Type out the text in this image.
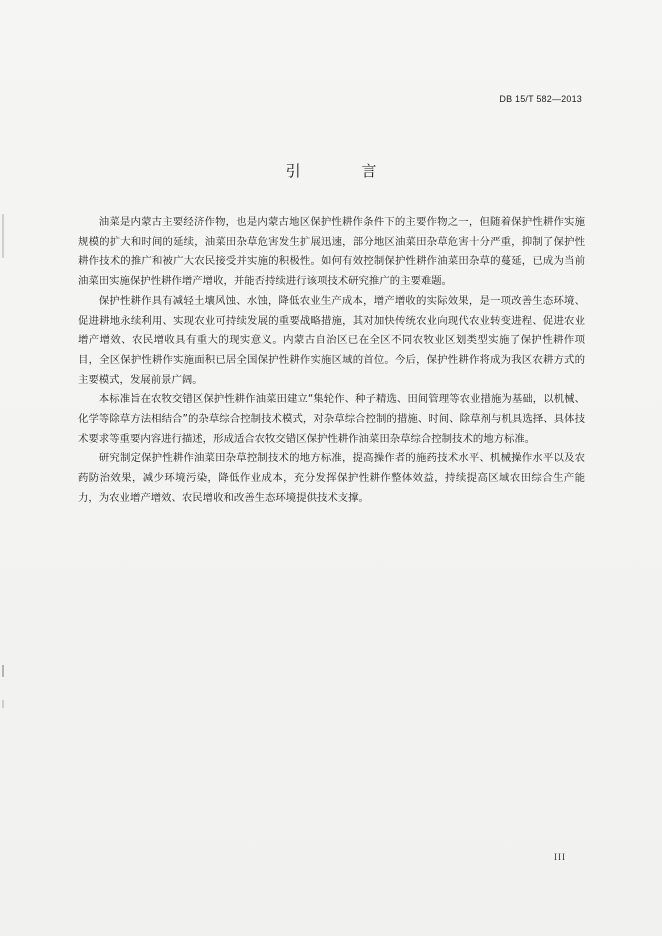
DB 15/T 582—2013
引 言

油菜是内蒙古主要经济作物，也是内蒙古地区保护性耕作条件下的主要作物之一，但随着保护性耕作实施规模的扩大和时间的延续，油菜田杂草危害发生扩展迅速，部分地区油菜田杂草危害十分严重，抑制了保护性耕作技术的推广和被广大农民接受并实施的积极性。如何有效控制保护性耕作油菜田杂草的蔓延，已成为当前油菜田实施保护性耕作增产增收，并能否持续进行该项技术研究推广的主要难题。

保护性耕作具有减轻土壤风蚀、水蚀，降低农业生产成本，增产增收的实际效果，是一项改善生态环境、促进耕地永续利用、实现农业可持续发展的重要战略措施，其对加快传统农业向现代农业转变进程、促进农业增产增效、农民增收具有重大的现实意义。内蒙古自治区已在全区不同农牧业区划类型实施了保护性耕作项目，全区保护性耕作实施面积已居全国保护性耕作实施区域的首位。今后，保护性耕作将成为我区农耕方式的主要模式，发展前景广阔。

本标准旨在农牧交错区保护性耕作油菜田建立“集轮作、种子精选、田间管理等农业措施为基础，以机械、化学等除草方法相结合”的杂草综合控制技术模式，对杂草综合控制的措施、时间、除草剂与机具选择、具体技术要求等重要内容进行描述，形成适合农牧交错区保护性耕作油菜田杂草综合控制技术的地方标准。

研究制定保护性耕作油菜田杂草控制技术的地方标准，提高操作者的施药技术水平、机械操作水平以及农药防治效果，减少环境污染，降低作业成本，充分发挥保护性耕作整体效益，持续提高区域农田综合生产能力，为农业增产增效、农民增收和改善生态环境提供技术支撑。

III
